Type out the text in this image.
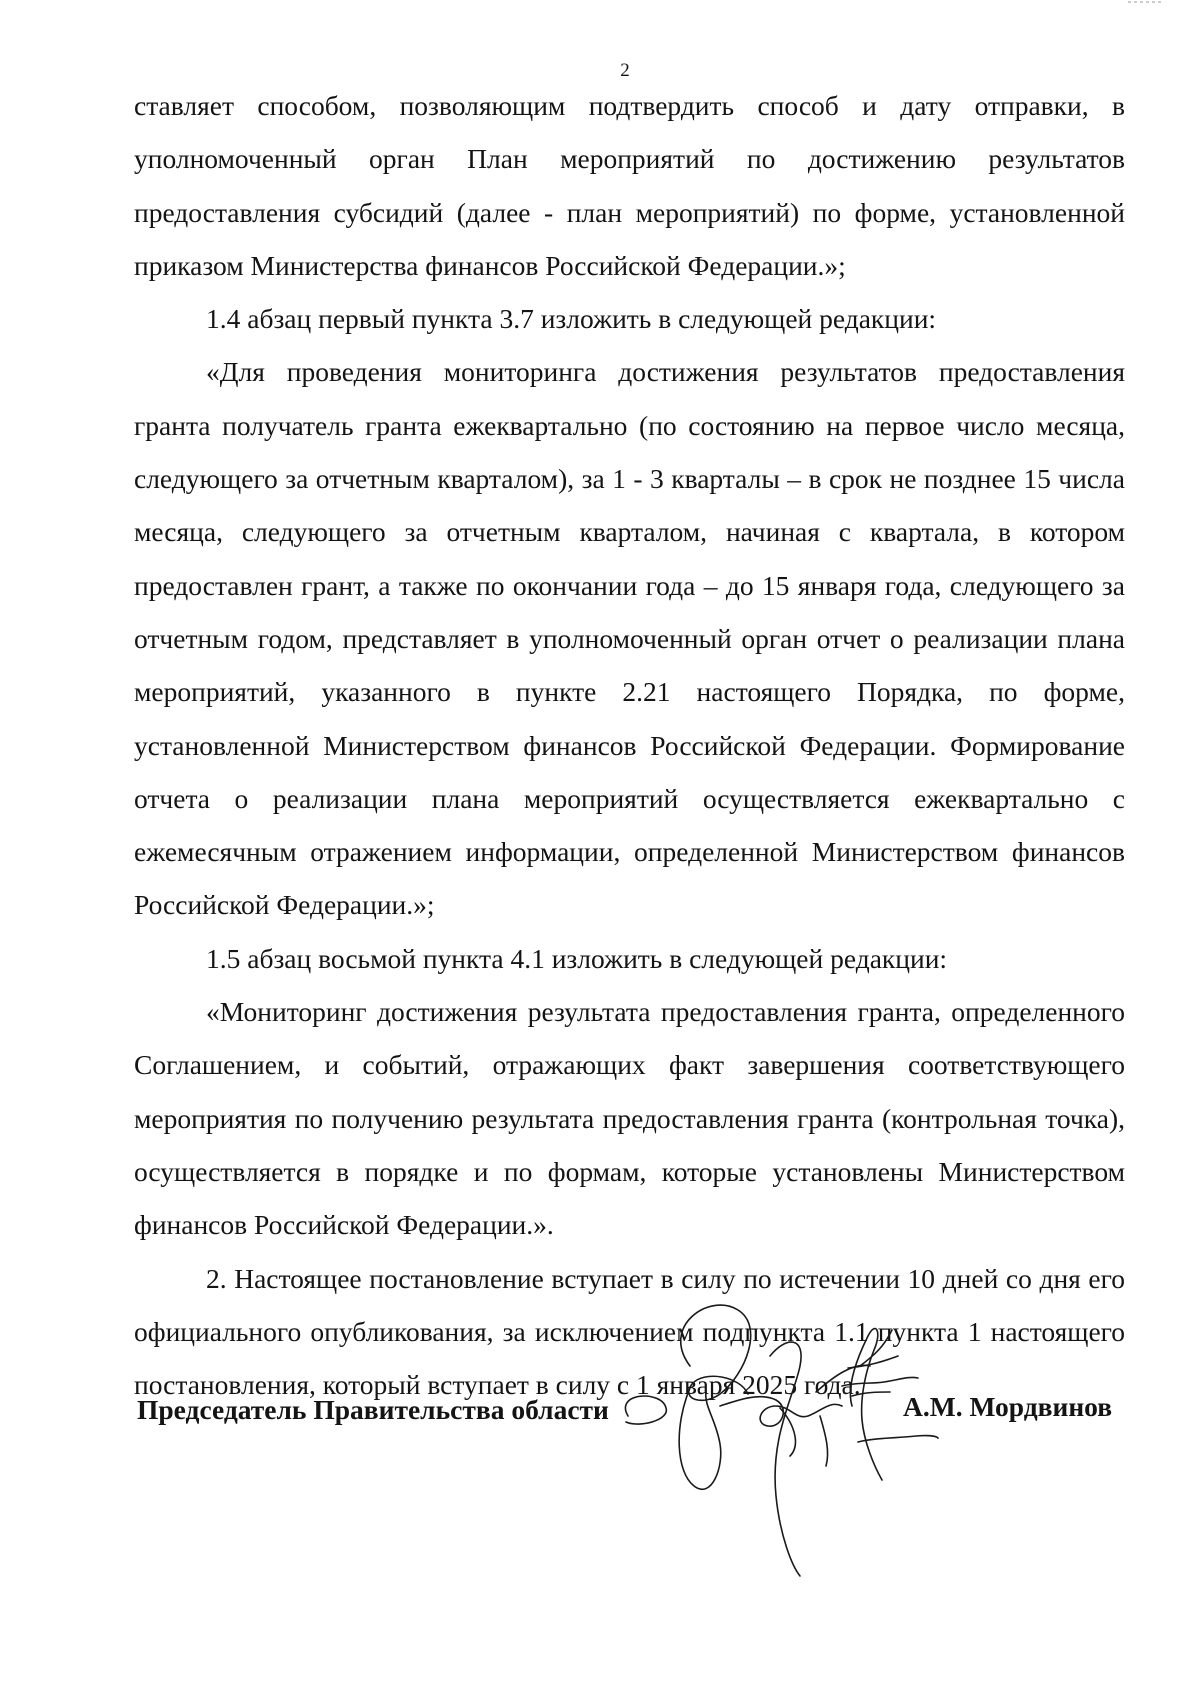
2

ставляет способом, позволяющим подтвердить способ и дату отправки, в уполномоченный орган План мероприятий по достижению результатов предоставления субсидий (далее - план мероприятий) по форме, установленной приказом Министерства финансов Российской Федерации.»;

1.4 абзац первый пункта 3.7 изложить в следующей редакции:

«Для проведения мониторинга достижения результатов предоставления гранта получатель гранта ежеквартально (по состоянию на первое число месяца, следующего за отчетным кварталом), за 1 - 3 кварталы – в срок не позднее 15 числа месяца, следующего за отчетным кварталом, начиная с квартала, в котором предоставлен грант, а также по окончании года – до 15 января года, следующего за отчетным годом, представляет в уполномоченный орган отчет о реализации плана мероприятий, указанного в пункте 2.21 настоящего Порядка, по форме, установленной Министерством финансов Российской Федерации. Формирование отчета о реализации плана мероприятий осуществляется ежеквартально с ежемесячным отражением информации, определенной Министерством финансов Российской Федерации.»;

1.5 абзац восьмой пункта 4.1 изложить в следующей редакции:

«Мониторинг достижения результата предоставления гранта, определенного Соглашением, и событий, отражающих факт завершения соответствующего мероприятия по получению результата предоставления гранта (контрольная точка), осуществляется в порядке и по формам, которые установлены Министерством финансов Российской Федерации.».

2. Настоящее постановление вступает в силу по истечении 10 дней со дня его официального опубликования, за исключением подпункта 1.1 пункта 1 настоящего постановления, который вступает в силу с 1 января 2025 года.

Председатель Правительства области	А.М. Мордвинов
